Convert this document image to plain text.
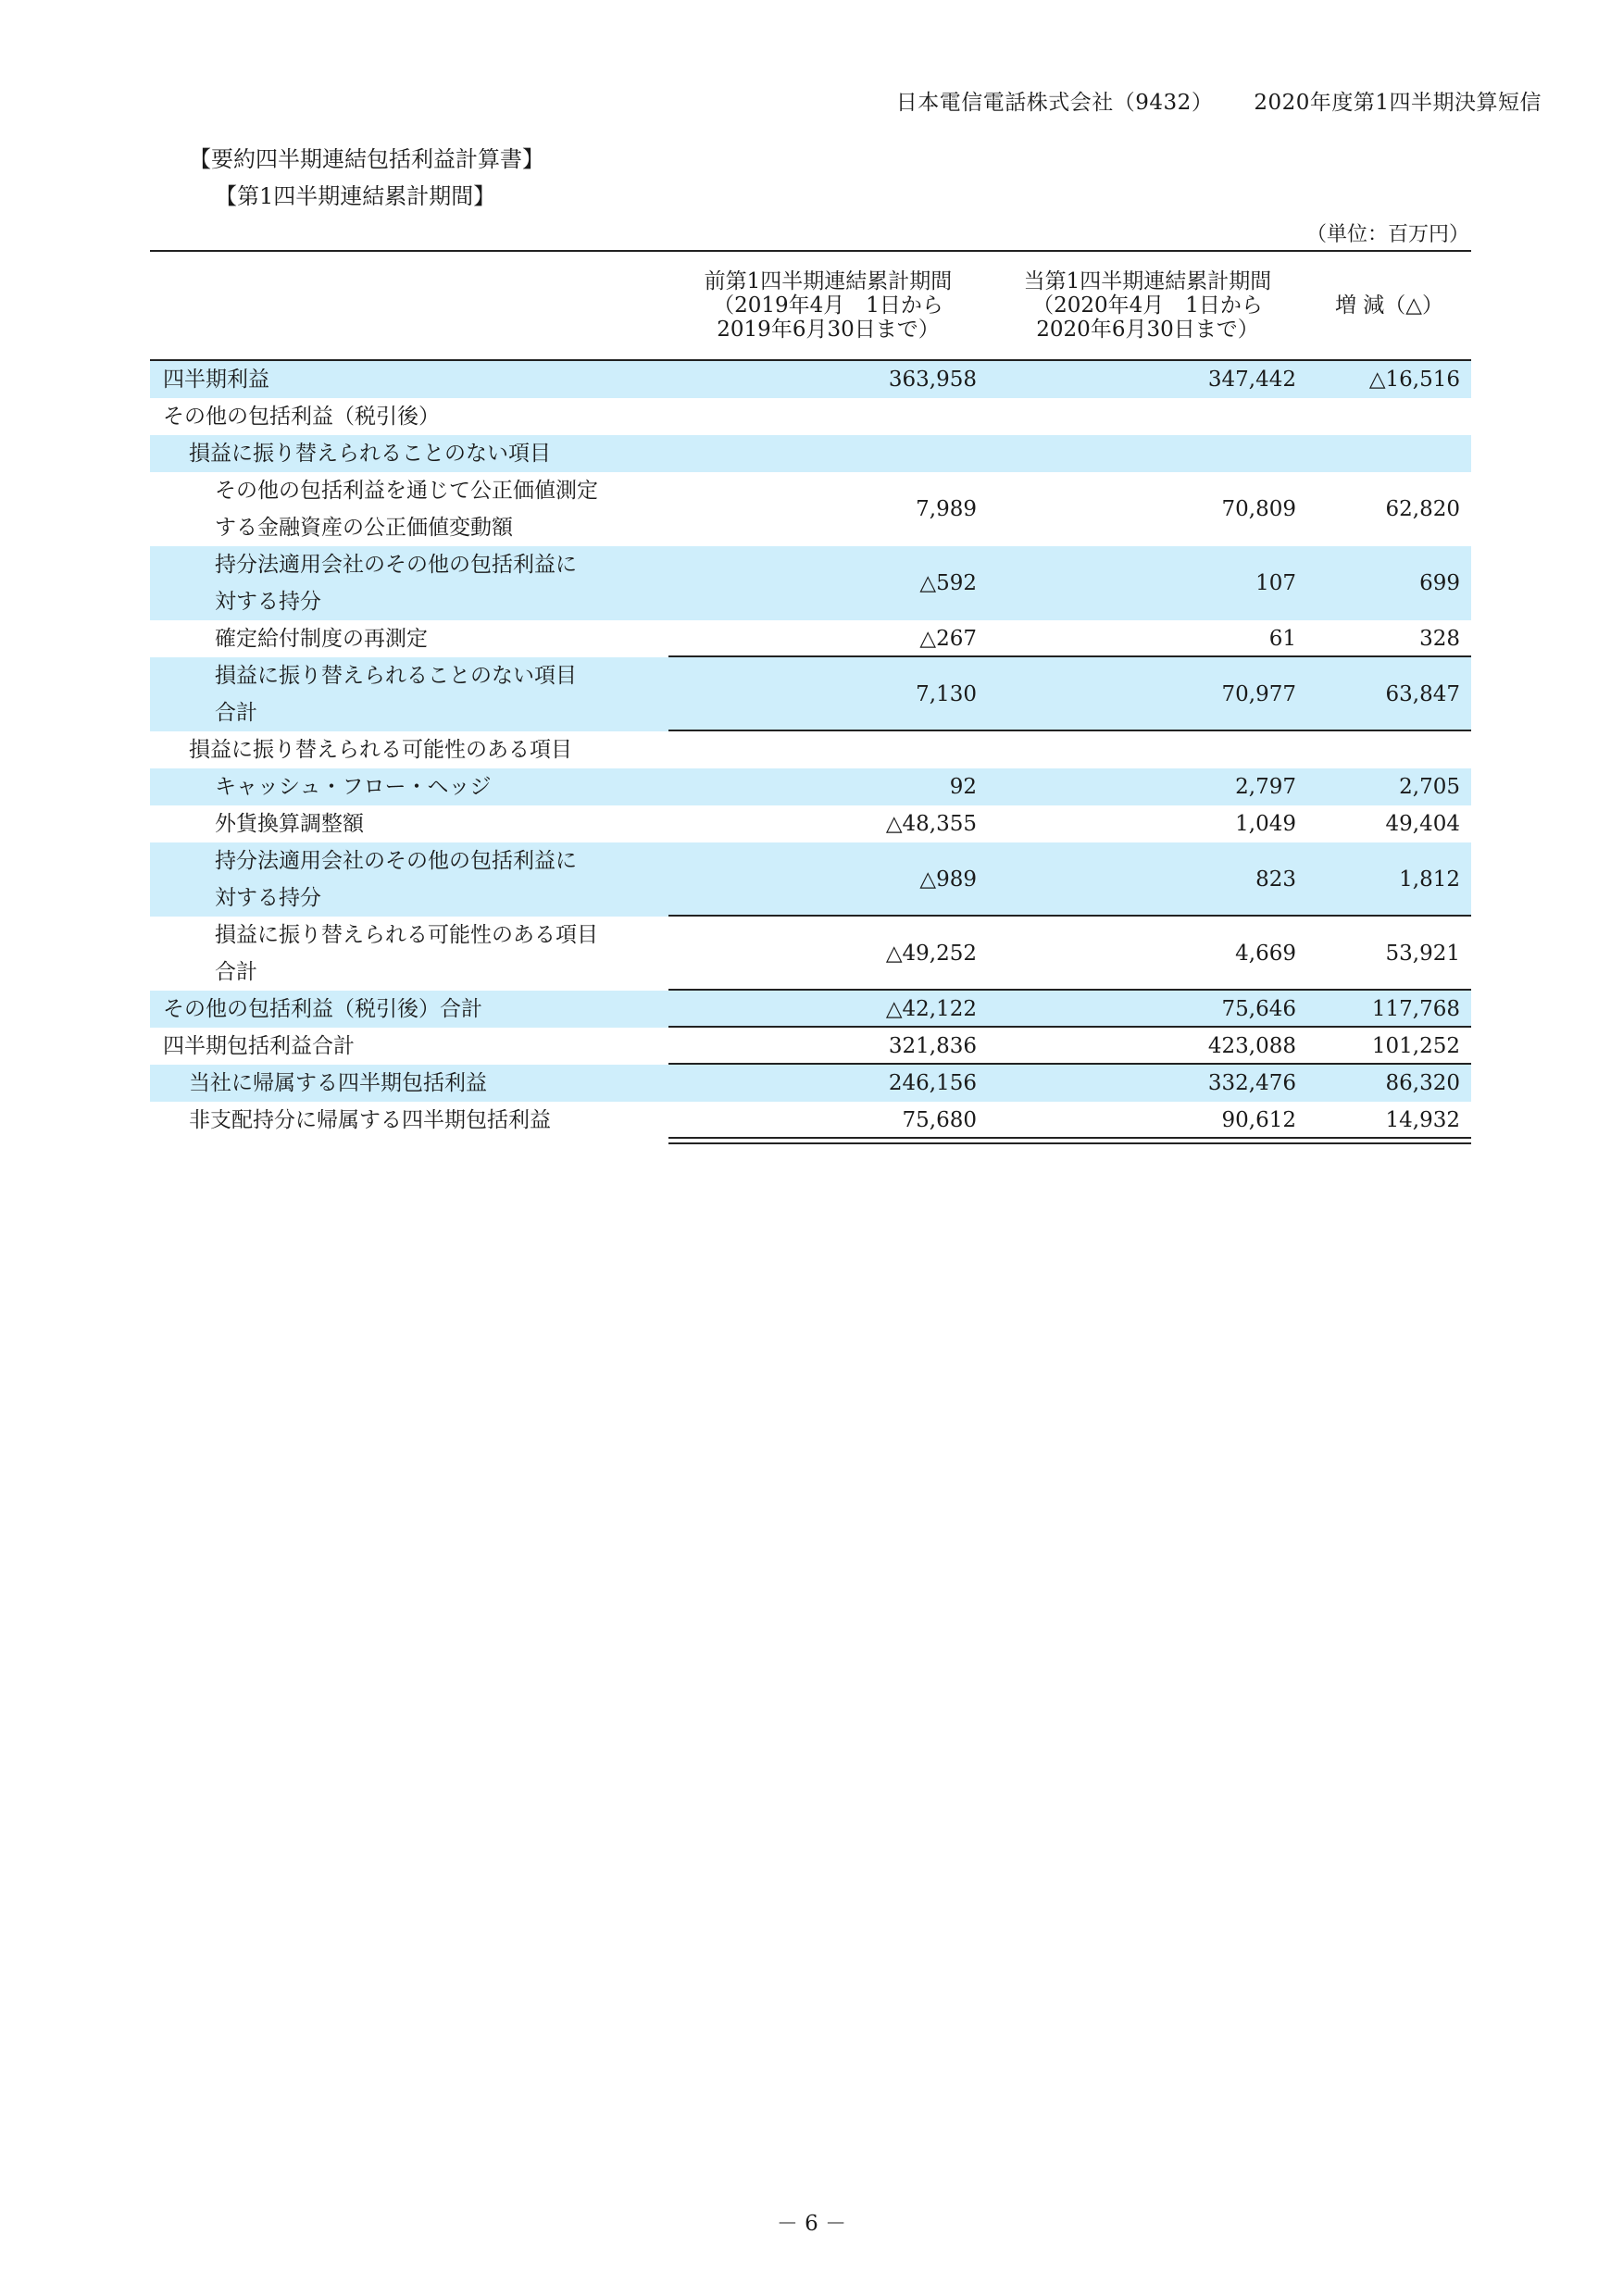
日本電信電話株式会社（9432） 2020年度第1四半期決算短信
【要約四半期連結包括利益計算書】
【第1四半期連結累計期間】
（単位：百万円）
前第1四半期連結累計期間
（2019年4月　1日から
2019年6月30日まで）
当第1四半期連結累計期間
（2020年4月　1日から
2020年6月30日まで）
増 減（△）
四半期利益	363,958	347,442	△16,516
その他の包括利益（税引後）
損益に振り替えられることのない項目
その他の包括利益を通じて公正価値測定
する金融資産の公正価値変動額
7,989	70,809	62,820
持分法適用会社のその他の包括利益に
対する持分
△592	107	699
確定給付制度の再測定	△267	61	328
損益に振り替えられることのない項目
合計
7,130	70,977	63,847
損益に振り替えられる可能性のある項目
キャッシュ・フロー・ヘッジ	92	2,797	2,705
外貨換算調整額	△48,355	1,049	49,404
持分法適用会社のその他の包括利益に
対する持分
△989	823	1,812
損益に振り替えられる可能性のある項目
合計
△49,252	4,669	53,921
その他の包括利益（税引後）合計	△42,122	75,646	117,768
四半期包括利益合計	321,836	423,088	101,252
当社に帰属する四半期包括利益	246,156	332,476	86,320
非支配持分に帰属する四半期包括利益	75,680	90,612	14,932
－ 6 －
